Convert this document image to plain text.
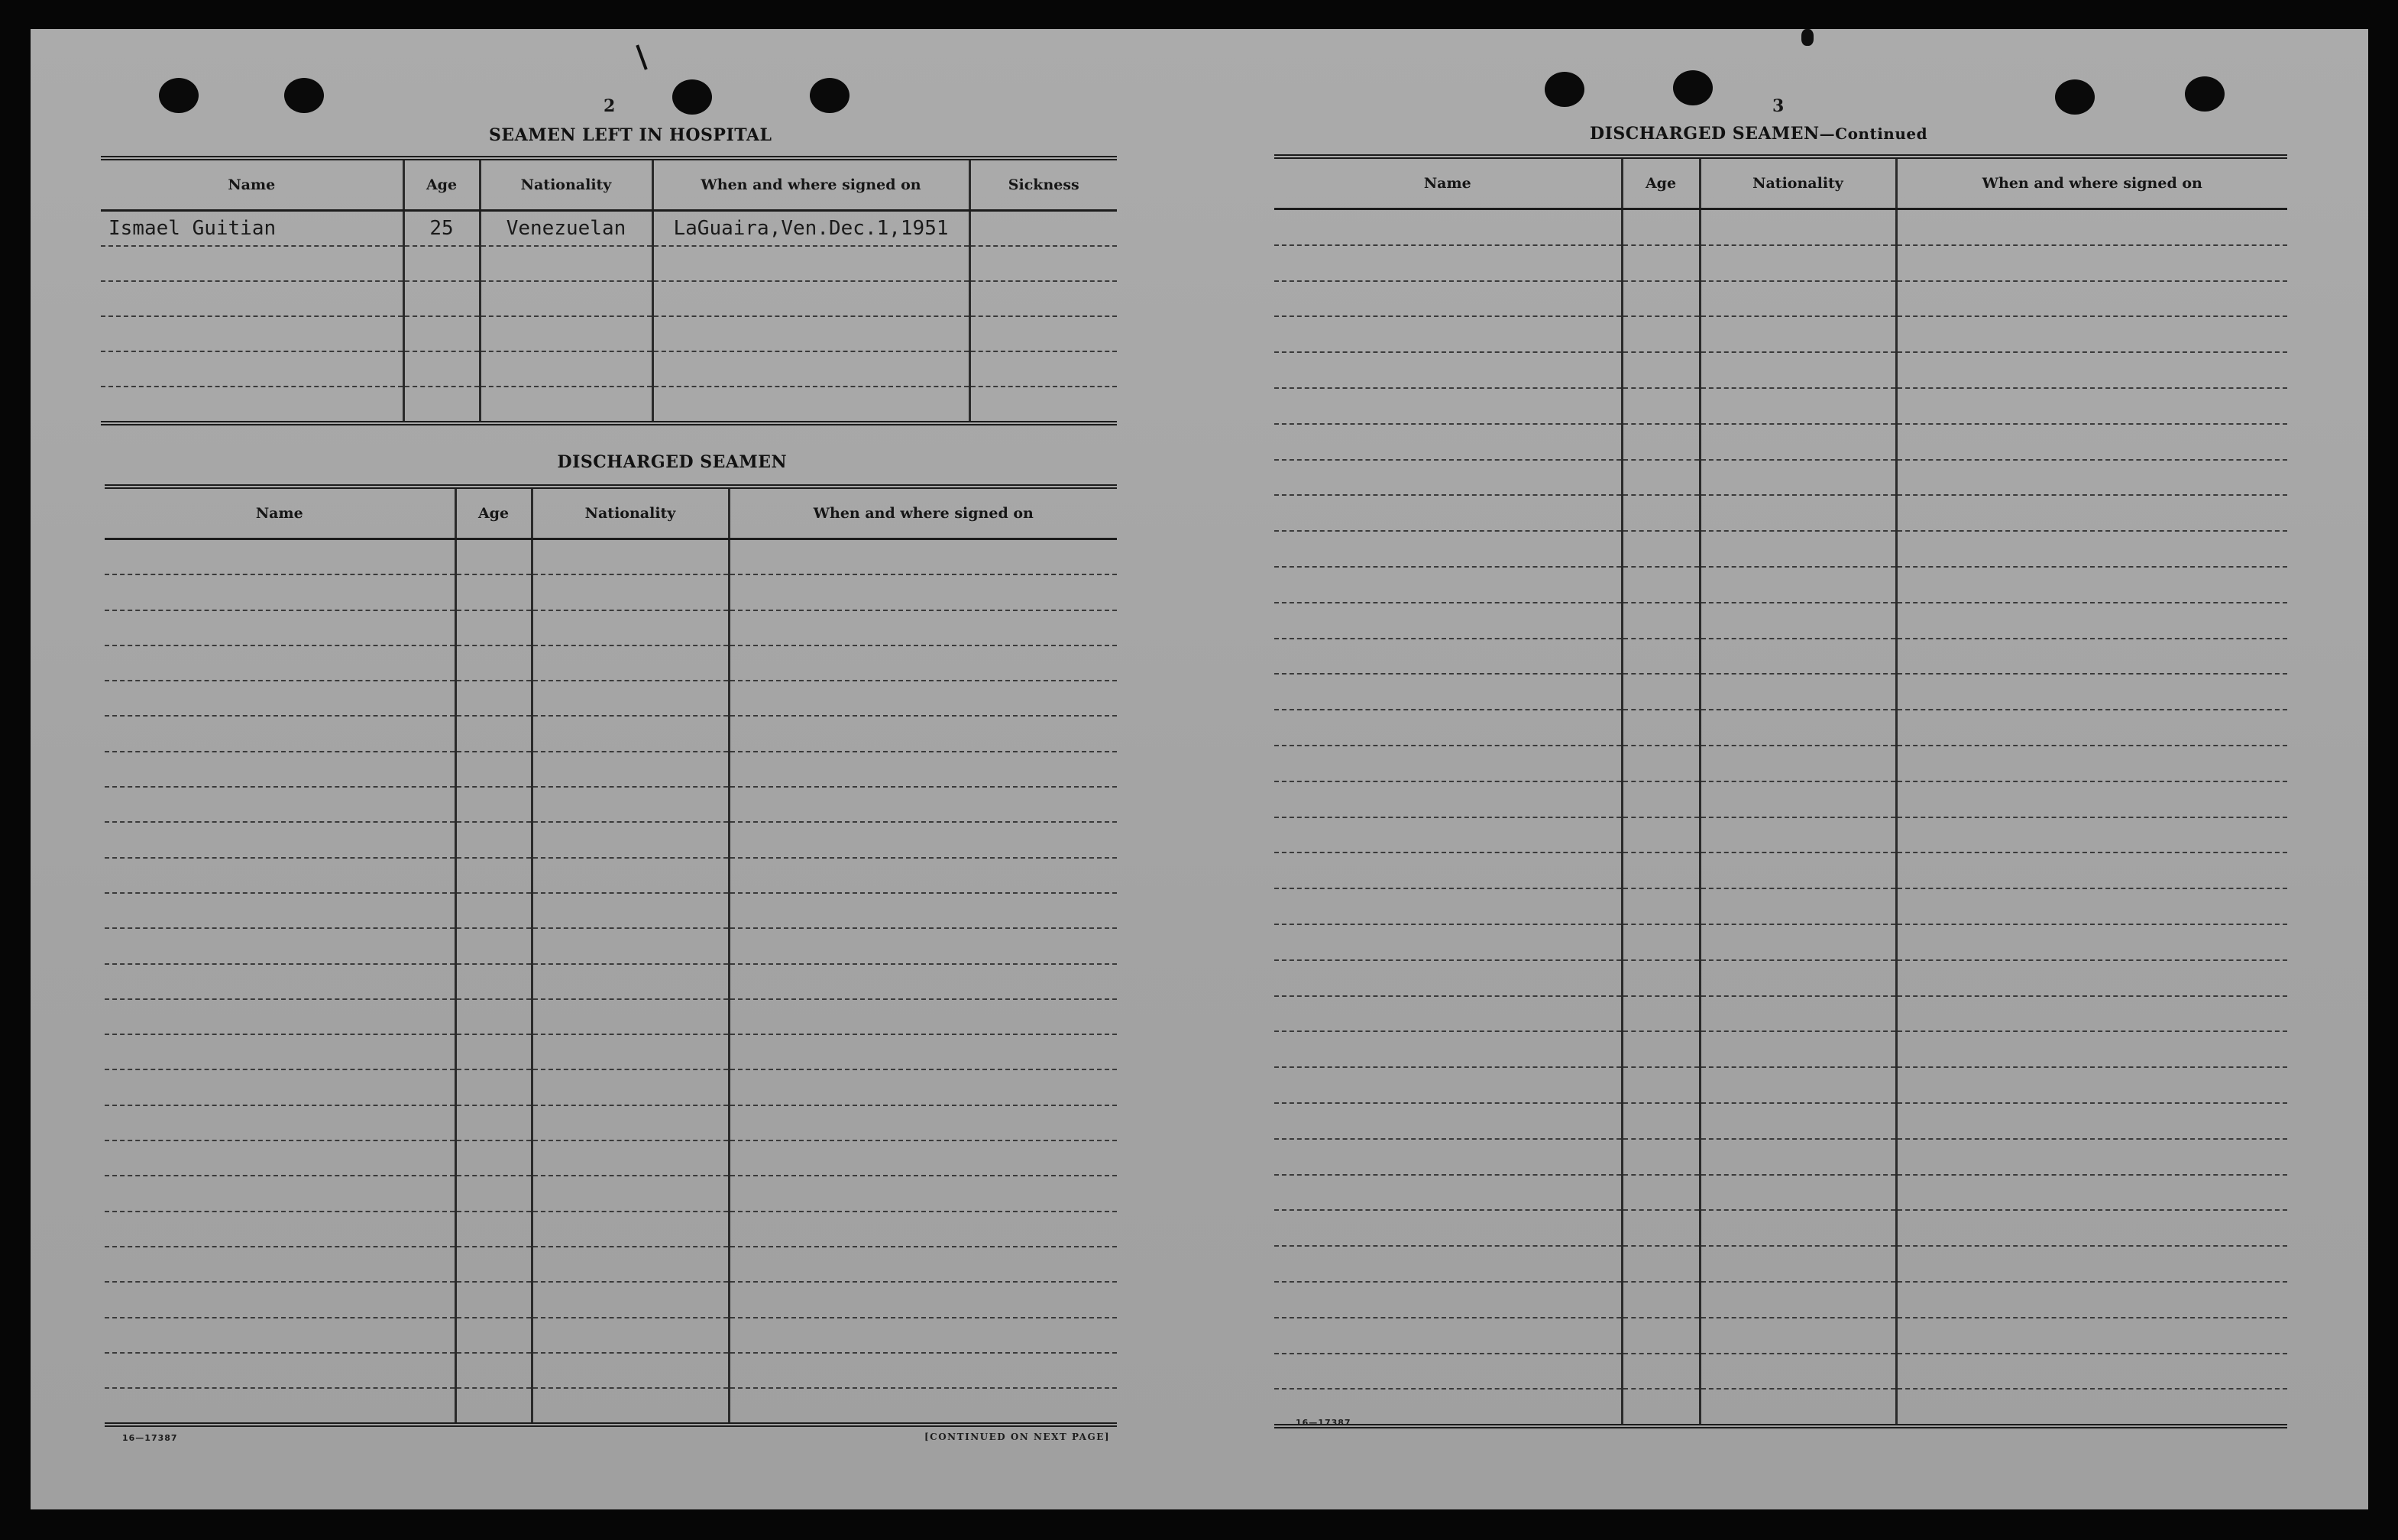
2
SEAMEN LEFT IN HOSPITAL
Name	Age	Nationality	When and where signed on	Sickness
Ismael Guitian	25	Venezuelan	LaGuaira,Ven.Dec.1,1951	

DISCHARGED SEAMEN
Name	Age	Nationality	When and where signed on

16—17387	[CONTINUED ON NEXT PAGE]
3
DISCHARGED SEAMEN—Continued
Name	Age	Nationality	When and where signed on

16—17387
